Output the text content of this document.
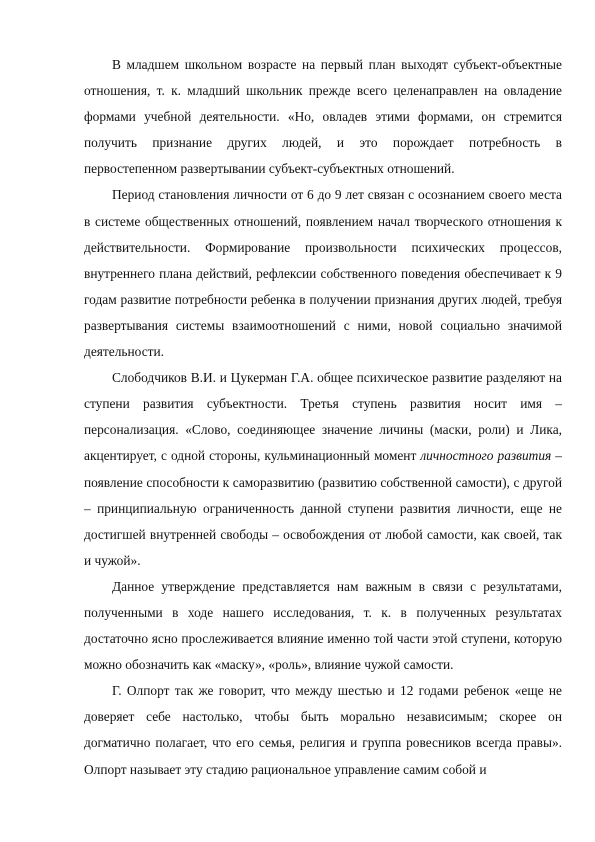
В младшем школьном возрасте на первый план выходят субъект-объектные отношения, т. к. младший школьник прежде всего целенаправлен на овладение формами учебной деятельности. «Но, овладев этими формами, он стремится получить признание других людей, и это порождает потребность в первостепенном развертывании субъект-субъектных отношений.

Период становления личности от 6 до 9 лет связан с осознанием своего места в системе общественных отношений, появлением начал творческого отношения к действительности. Формирование произвольности психических процессов, внутреннего плана действий, рефлексии собственного поведения обеспечивает к 9 годам развитие потребности ребенка в получении признания других людей, требуя развертывания системы взаимоотношений с ними, новой социально значимой деятельности.

Слободчиков В.И. и Цукерман Г.А. общее психическое развитие разделяют на ступени развития субъектности. Третья ступень развития носит имя – персонализация. «Слово, соединяющее значение личины (маски, роли) и Лика, акцентирует, с одной стороны, кульминационный момент личностного развития – появление способности к саморазвитию (развитию собственной самости), с другой – принципиальную ограниченность данной ступени развития личности, еще не достигшей внутренней свободы – освобождения от любой самости, как своей, так и чужой».

Данное утверждение представляется нам важным в связи с результатами, полученными в ходе нашего исследования, т. к. в полученных результатах достаточно ясно прослеживается влияние именно той части этой ступени, которую можно обозначить как «маску», «роль», влияние чужой самости.

Г. Олпорт так же говорит, что между шестью и 12 годами ребенок «еще не доверяет себе настолько, чтобы быть морально независимым; скорее он догматично полагает, что его семья, религия и группа ровесников всегда правы». Олпорт называет эту стадию рациональное управление самим собой и
